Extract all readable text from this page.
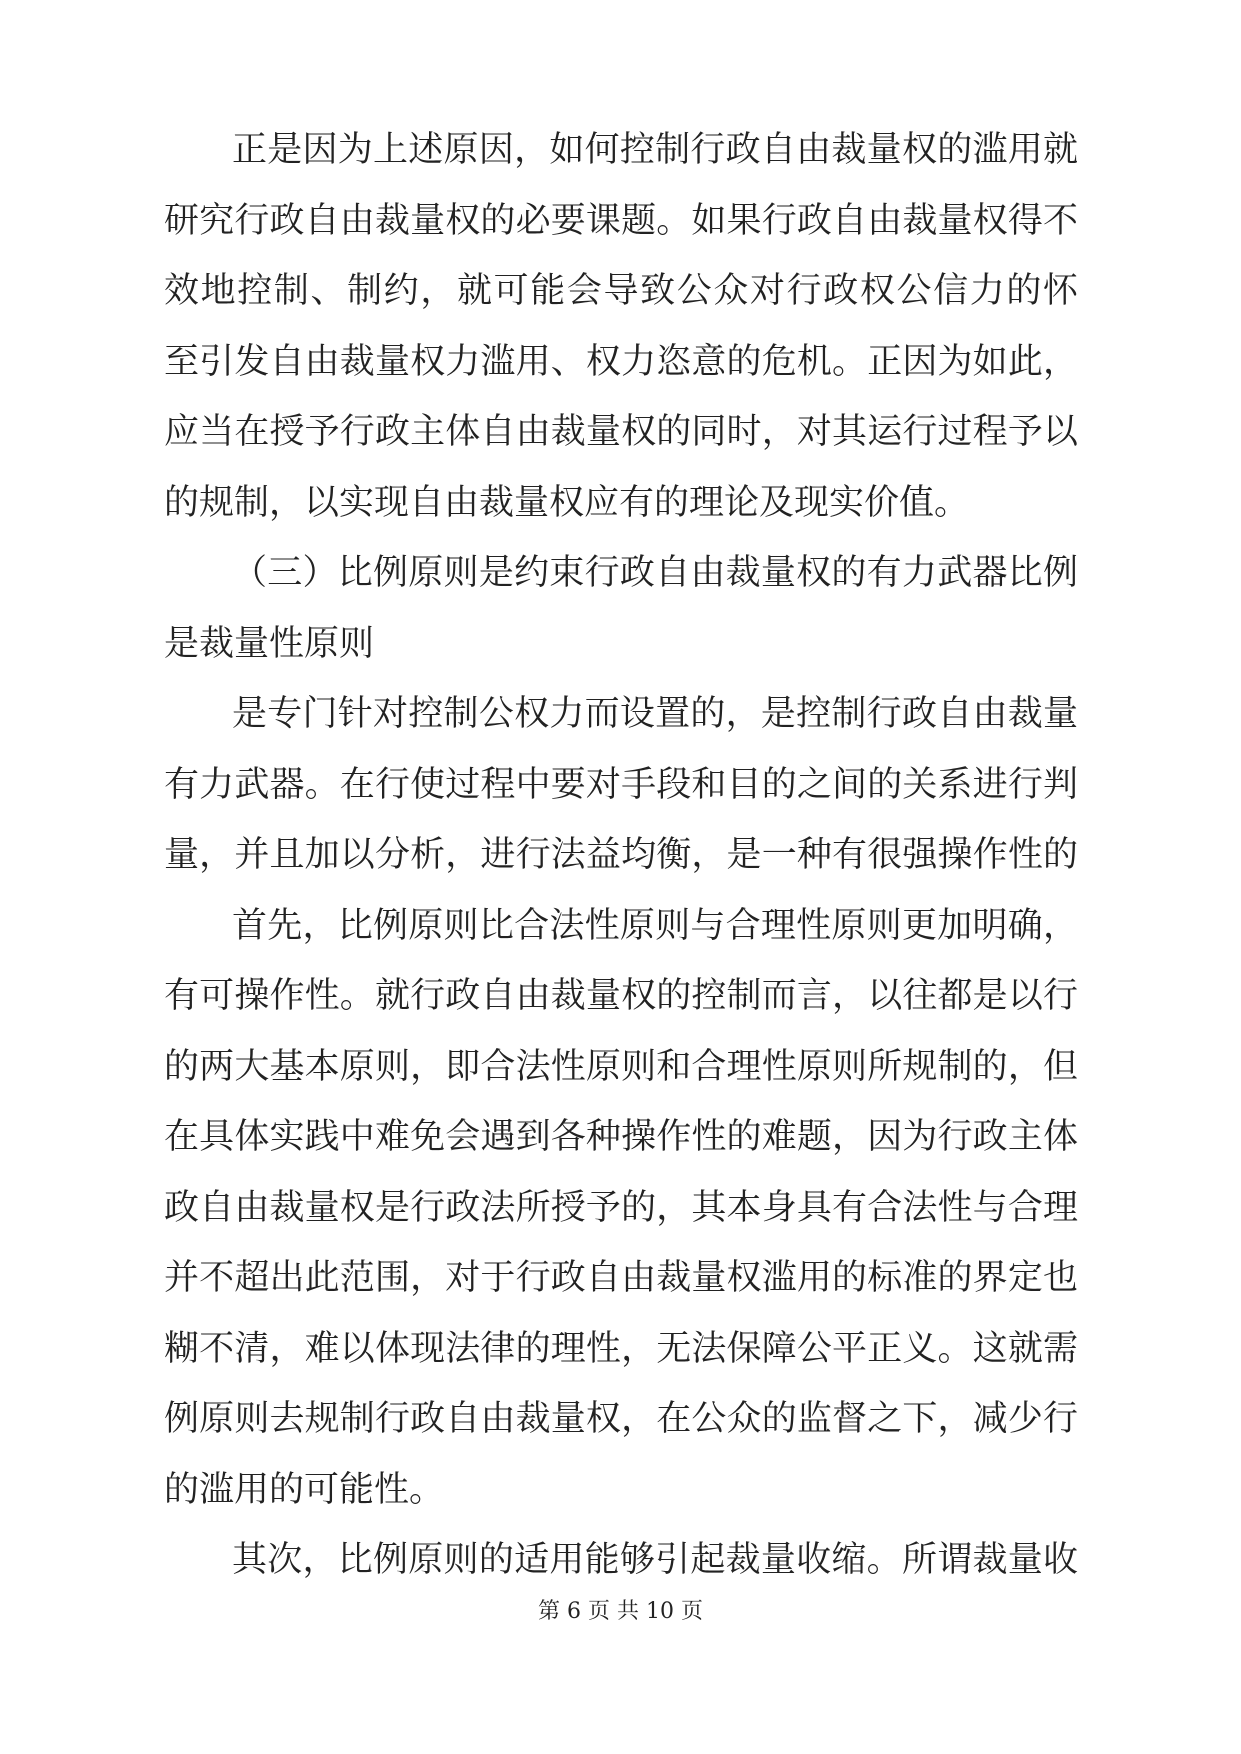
正是因为上述原因，如何控制行政自由裁量权的滥用就
研究行政自由裁量权的必要课题。如果行政自由裁量权得不
效地控制、制约，就可能会导致公众对行政权公信力的怀
至引发自由裁量权力滥用、权力恣意的危机。正因为如此，
应当在授予行政主体自由裁量权的同时，对其运行过程予以
的规制，以实现自由裁量权应有的理论及现实价值。
（三）比例原则是约束行政自由裁量权的有力武器比例
是裁量性原则
是专门针对控制公权力而设置的，是控制行政自由裁量
有力武器。在行使过程中要对手段和目的之间的关系进行判
量，并且加以分析，进行法益均衡，是一种有很强操作性的
首先，比例原则比合法性原则与合理性原则更加明确，
有可操作性。就行政自由裁量权的控制而言，以往都是以行
的两大基本原则，即合法性原则和合理性原则所规制的，但
在具体实践中难免会遇到各种操作性的难题，因为行政主体
政自由裁量权是行政法所授予的，其本身具有合法性与合理
并不超出此范围，对于行政自由裁量权滥用的标准的界定也
糊不清，难以体现法律的理性，无法保障公平正义。这就需
例原则去规制行政自由裁量权，在公众的监督之下，减少行
的滥用的可能性。
其次，比例原则的适用能够引起裁量收缩。所谓裁量收
第 6 页 共 10 页
